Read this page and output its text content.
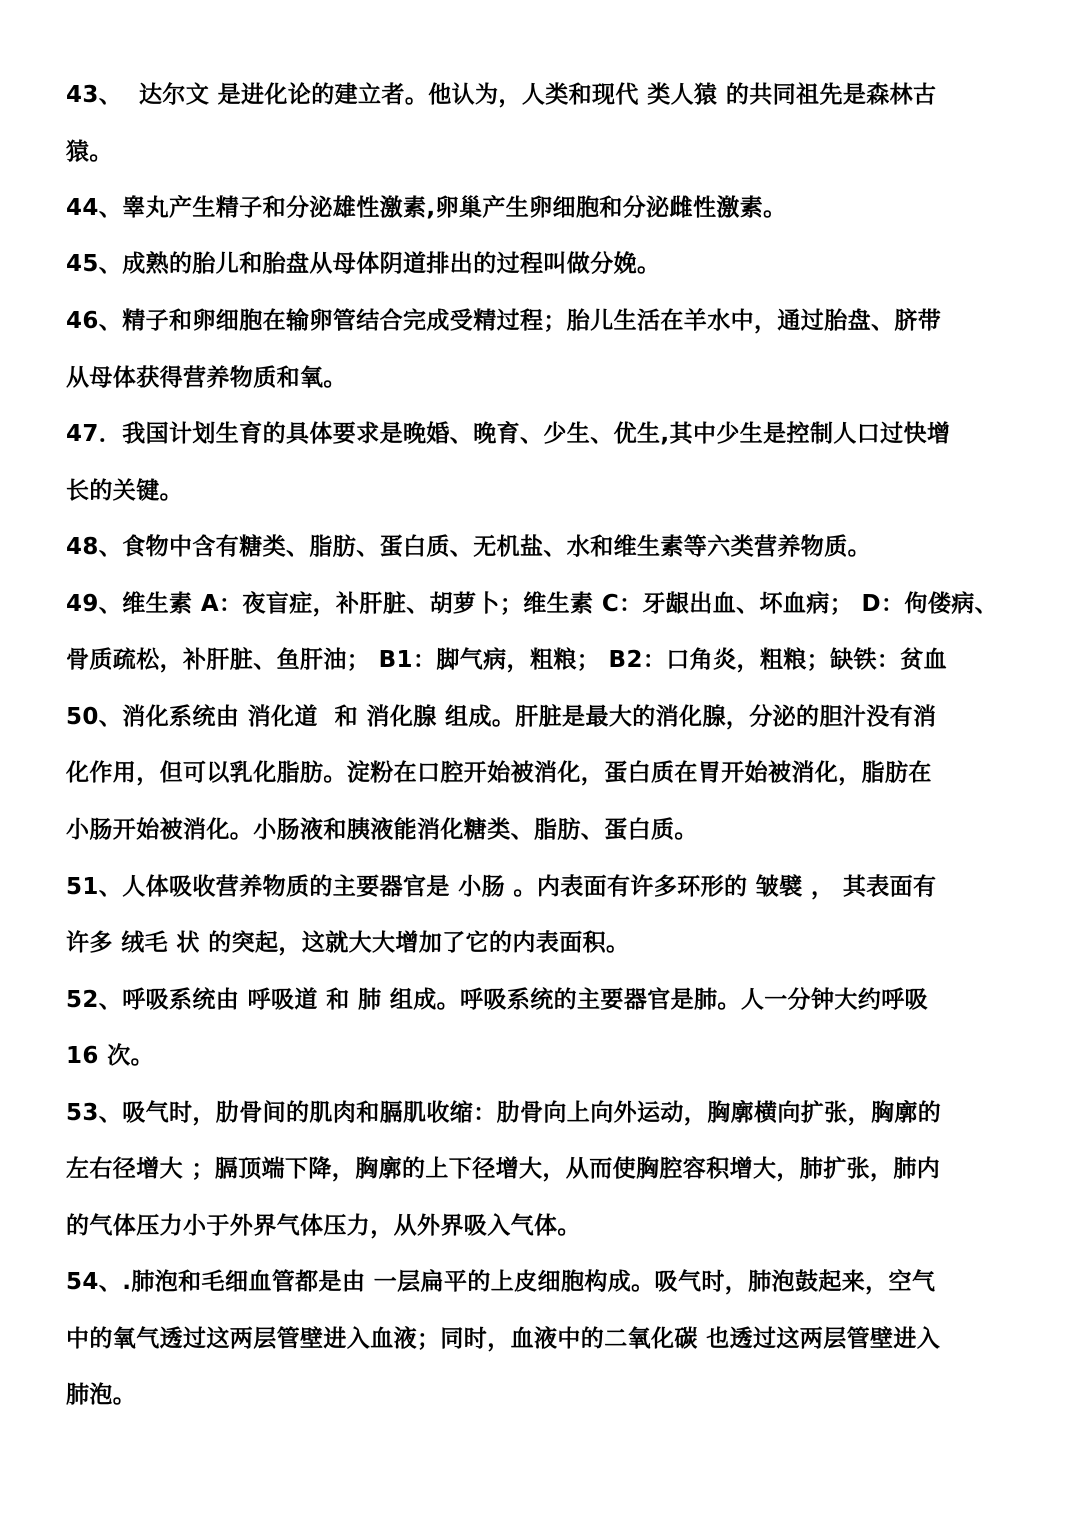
43、  达尔文 是进化论的建立者。他认为，人类和现代 类人猿 的共同祖先是森林古
猿。
44、睾丸产生精子和分泌雄性激素,卵巢产生卵细胞和分泌雌性激素。
45、成熟的胎儿和胎盘从母体阴道排出的过程叫做分娩。
46、精子和卵细胞在输卵管结合完成受精过程；胎儿生活在羊水中，通过胎盘、脐带
从母体获得营养物质和氧。
47．我国计划生育的具体要求是晚婚、晚育、少生、优生,其中少生是控制人口过快增
长的关键。
48、食物中含有糖类、脂肪、蛋白质、无机盐、水和维生素等六类营养物质。
49、维生素 A：夜盲症，补肝脏、胡萝卜；维生素 C：牙龈出血、坏血病； D：佝偻病、
骨质疏松，补肝脏、鱼肝油； B1：脚气病，粗粮； B2：口角炎，粗粮；缺铁：贫血
50、消化系统由 消化道  和 消化腺 组成。肝脏是最大的消化腺，分泌的胆汁没有消
化作用，但可以乳化脂肪。淀粉在口腔开始被消化，蛋白质在胃开始被消化，脂肪在
小肠开始被消化。小肠液和胰液能消化糖类、脂肪、蛋白质。
51、人体吸收营养物质的主要器官是 小肠 。内表面有许多环形的 皱襞 ， 其表面有
许多 绒毛 状 的突起，这就大大增加了它的内表面积。
52、呼吸系统由 呼吸道 和 肺 组成。呼吸系统的主要器官是肺。人一分钟大约呼吸
16 次。
53、吸气时，肋骨间的肌肉和膈肌收缩：肋骨向上向外运动，胸廓横向扩张，胸廓的
左右径增大 ；膈顶端下降，胸廓的上下径增大，从而使胸腔容积增大，肺扩张，肺内
的气体压力小于外界气体压力，从外界吸入气体。
54、.肺泡和毛细血管都是由 一层扁平的上皮细胞构成。吸气时，肺泡鼓起来，空气
中的氧气透过这两层管壁进入血液；同时，血液中的二氧化碳 也透过这两层管壁进入
肺泡。
